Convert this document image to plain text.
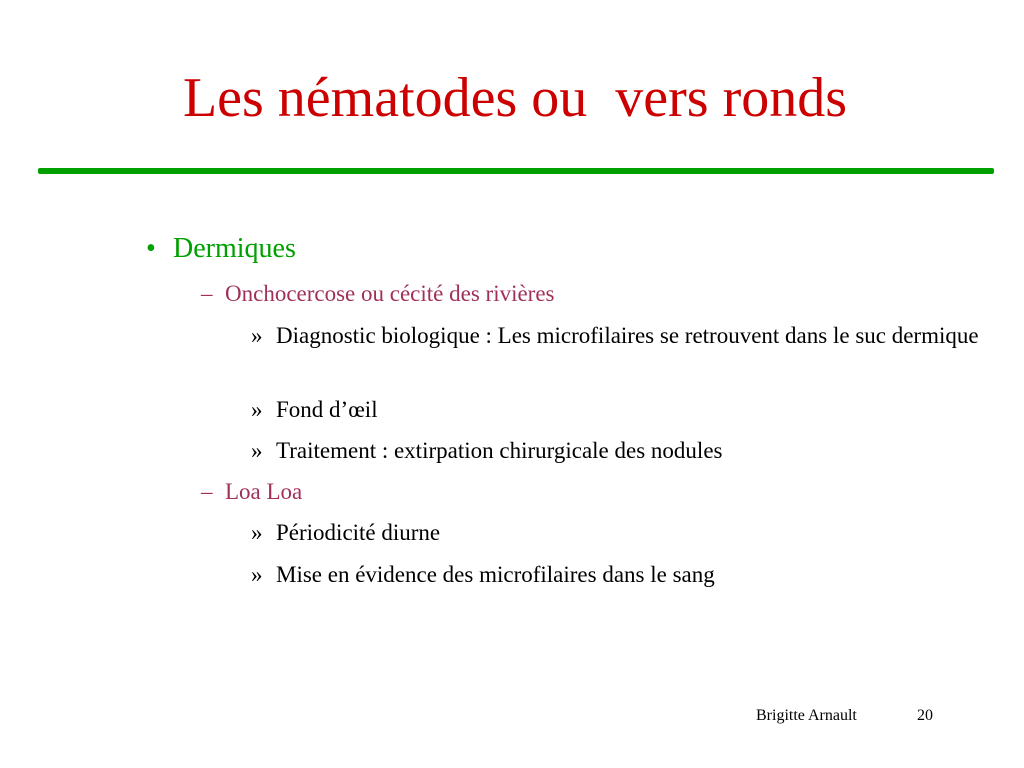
Les nématodes ou  vers ronds
• Dermiques
– Onchocercose ou cécité des rivières
» Diagnostic biologique : Les microfilaires se retrouvent dans le suc dermique
» Fond d’œil
» Traitement : extirpation chirurgicale des nodules
– Loa Loa
» Périodicité diurne
» Mise en évidence des microfilaires dans le sang
Brigitte Arnault	20
